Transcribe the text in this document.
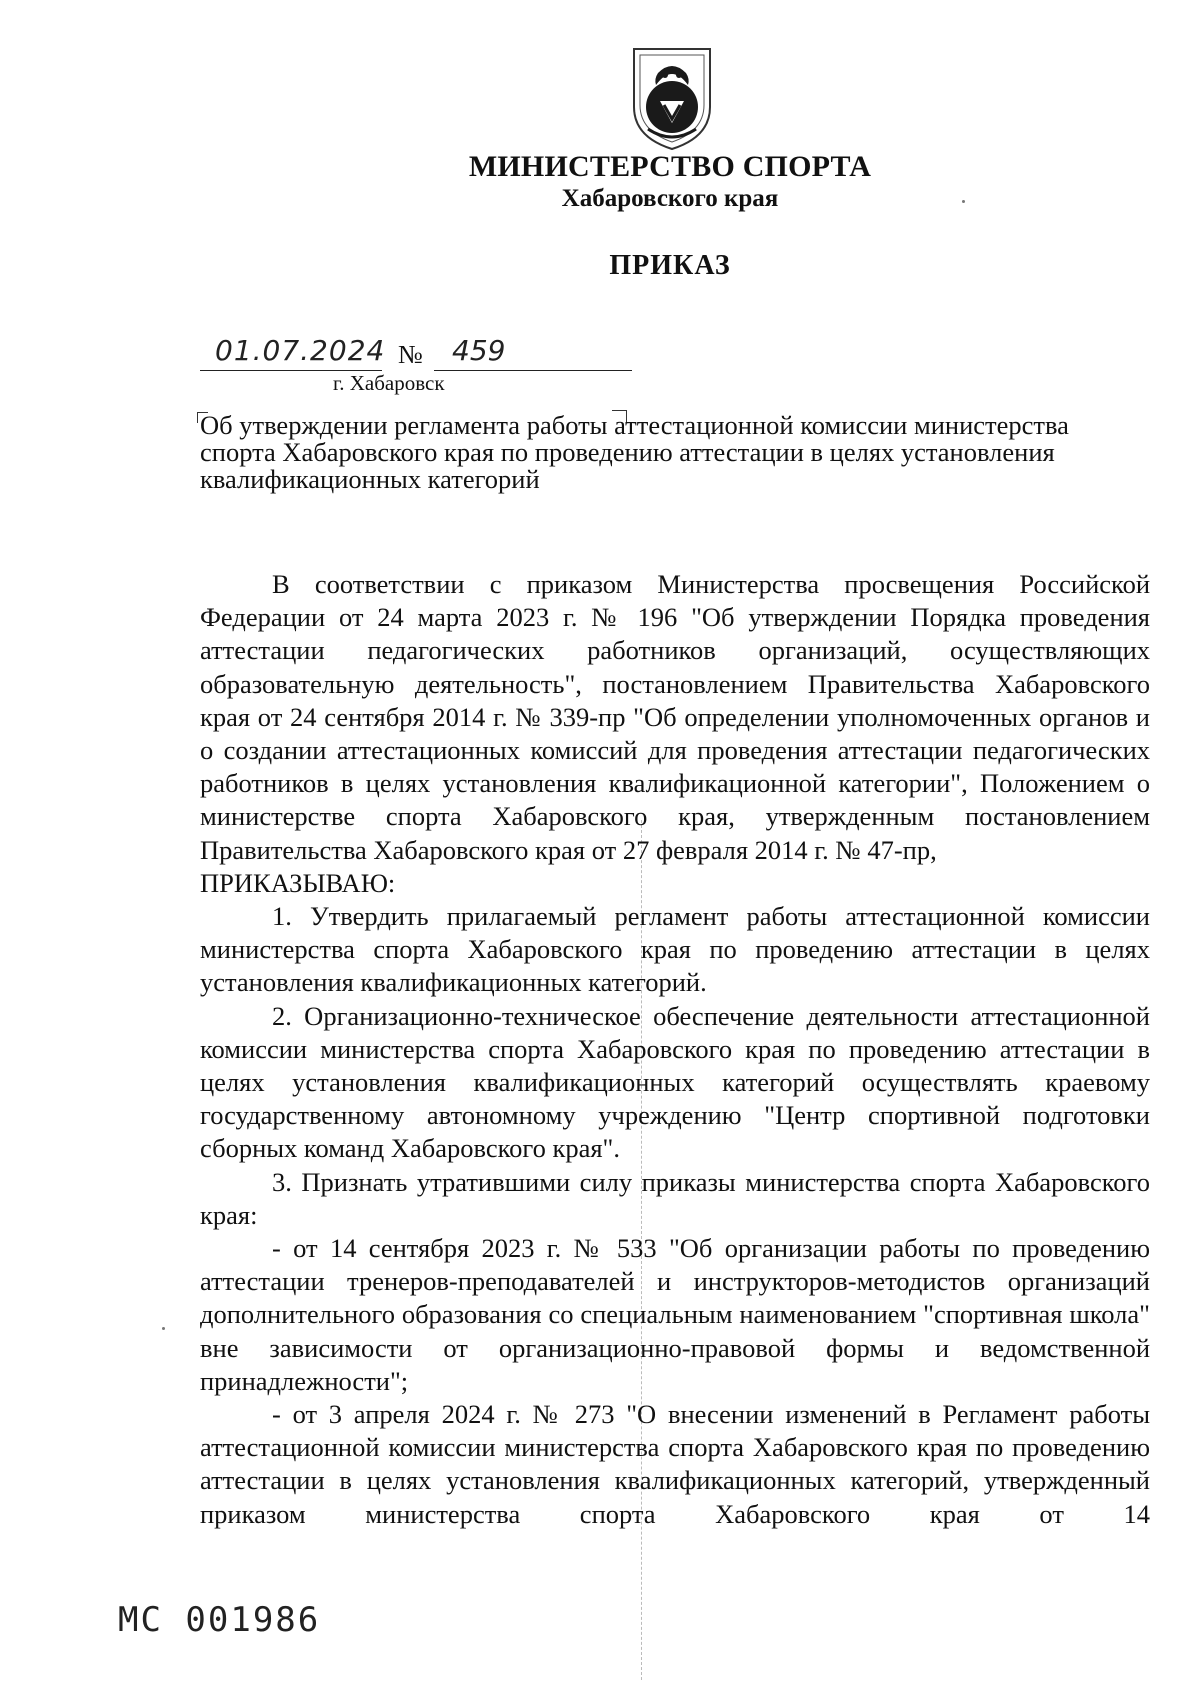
МИНИСТЕРСТВО СПОРТА
Хабаровского края
ПРИКАЗ
01.07.2024 № 459
г. Хабаровск
Об утверждении регламента работы аттестационной комиссии министерства спорта Хабаровского края по проведению аттестации в целях установления квалификационных категорий

В соответствии с приказом Министерства просвещения Российской Федерации от 24 марта 2023 г. № 196 "Об утверждении Порядка проведения аттестации педагогических работников организаций, осуществляющих образовательную деятельность", постановлением Правительства Хабаровского края от 24 сентября 2014 г. № 339-пр "Об определении уполномоченных органов и о создании аттестационных комиссий для проведения аттестации педагогических работников в целях установления квалификационной категории", Положением о министерстве спорта Хабаровского края, утвержденным постановлением Правительства Хабаровского края от 27 февраля 2014 г. № 47-пр,

ПРИКАЗЫВАЮ:

1. Утвердить прилагаемый регламент работы аттестационной комиссии министерства спорта Хабаровского края по проведению аттестации в целях установления квалификационных категорий.

2. Организационно-техническое обеспечение деятельности аттестационной комиссии министерства спорта Хабаровского края по проведению аттестации в целях установления квалификационных категорий осуществлять краевому государственному автономному учреждению "Центр спортивной подготовки сборных команд Хабаровского края".

3. Признать утратившими силу приказы министерства спорта Хабаровского края:

- от 14 сентября 2023 г. № 533 "Об организации работы по проведению аттестации тренеров-преподавателей и инструкторов-методистов организаций дополнительного образования со специальным наименованием "спортивная школа" вне зависимости от организационно-правовой формы и ведомственной принадлежности";

- от 3 апреля 2024 г. № 273 "О внесении изменений в Регламент работы аттестационной комиссии министерства спорта Хабаровского края по проведению аттестации в целях установления квалификационных категорий, утвержденный приказом министерства спорта Хабаровского края от 14

МС 001986
